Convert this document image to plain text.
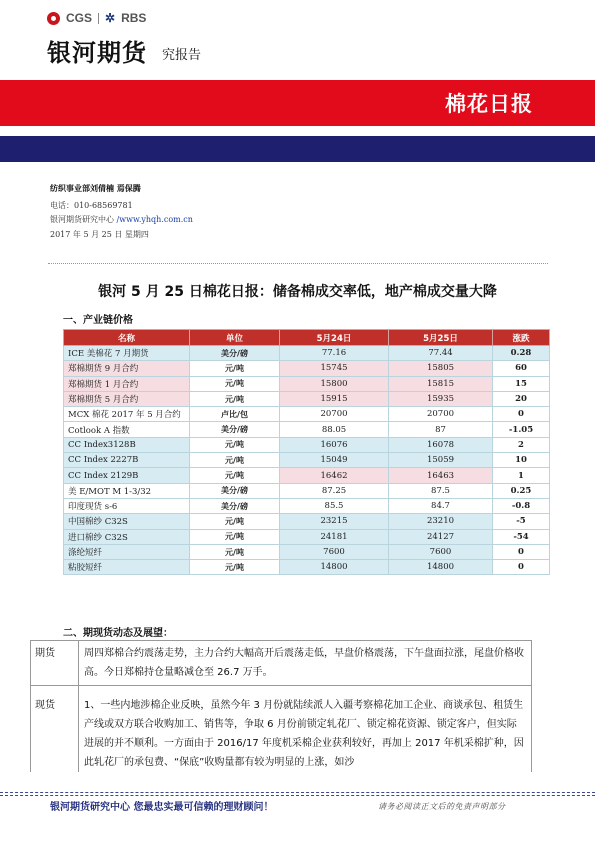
CGS ✲ RBS
银河期货 究报告
棉花日报
纺织事业部刘倩楠 焉保腾
电话：010-68569781
银河期货研究中心 /www.yhqh.com.cn
2017 年 5 月 25 日 星期四
银河 5 月 25 日棉花日报：储备棉成交率低，地产棉成交量大降
一、产业链价格
名称	单位	5月24日	5月25日	涨跌
ICE 美棉花 7 月期货	美分/磅	77.16	77.44	0.28
郑棉期货 9 月合约	元/吨	15745	15805	60
郑棉期货 1 月合约	元/吨	15800	15815	15
郑棉期货 5 月合约	元/吨	15915	15935	20
MCX 棉花 2017 年 5 月合约	卢比/包	20700	20700	0
Cotlook A 指数	美分/磅	88.05	87	-1.05
CC Index3128B	元/吨	16076	16078	2
CC Index 2227B	元/吨	15049	15059	10
CC Index 2129B	元/吨	16462	16463	1
美 E/MOT M 1-3/32	美分/磅	87.25	87.5	0.25
印度现货 s-6	美分/磅	85.5	84.7	-0.8
中国棉纱 C32S	元/吨	23215	23210	-5
进口棉纱 C32S	元/吨	24181	24127	-54
涤纶短纤	元/吨	7600	7600	0
粘胶短纤	元/吨	14800	14800	0
二、期现货动态及展望：
期货	周四郑棉合约震荡走势，主力合约大幅高开后震荡走低，早盘价格震荡，下午盘面拉涨，尾盘价格收高。今日郑棉持仓量略减仓至 26.7 万手。
现货	1、一些内地涉棉企业反映，虽然今年 3 月份就陆续派人入疆考察棉花加工企业、商谈承包、租赁生产线或双方联合收购加工、销售等，争取 6 月份前锁定轧花厂、锁定棉花资源、锁定客户，但实际进展的并不顺利。一方面由于 2016/17 年度机采棉企业获利较好，再加上 2017 年机采棉扩种，因此轧花厂的承包费、“保底”收购量都有较为明显的上涨，如沙
银河期货研究中心 您最忠实最可信赖的理财顾问！	请务必阅读正文后的免责声明部分
